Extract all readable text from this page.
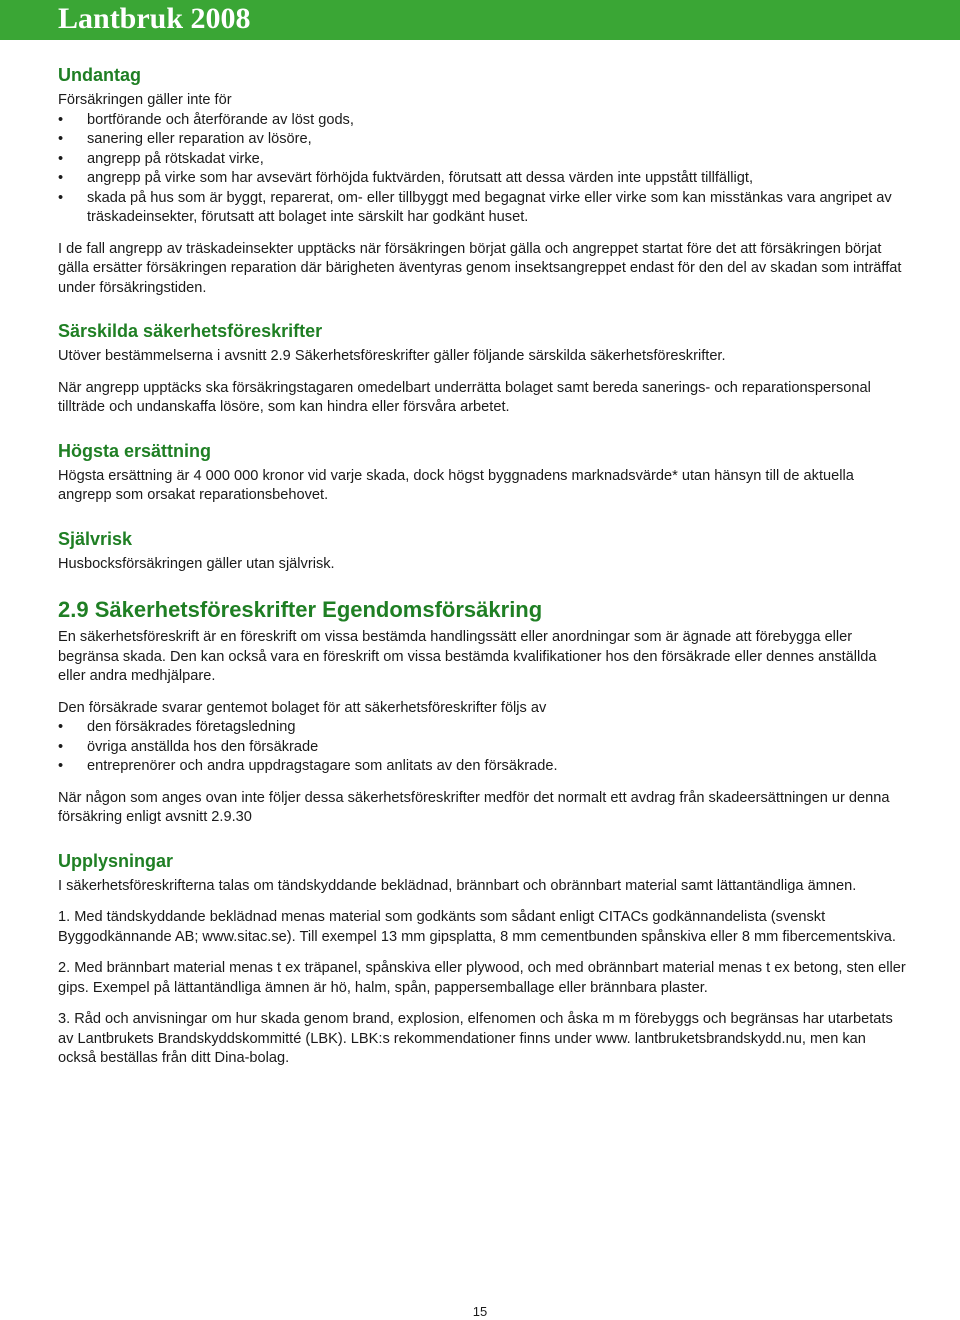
Lantbruk 2008
Undantag

Försäkringen gäller inte för

• bortförande och återförande av löst gods,
• sanering eller reparation av lösöre,
• angrepp på rötskadat virke,
• angrepp på virke som har avsevärt förhöjda fuktvärden, förutsatt att dessa värden inte uppstått tillfälligt,
• skada på hus som är byggt, reparerat, om- eller tillbyggt med begagnat virke eller virke som kan misstänkas vara angripet av träskadeinsekter, förutsatt att bolaget inte särskilt har godkänt huset.

I de fall angrepp av träskadeinsekter upptäcks när försäkringen börjat gälla och angreppet startat före det att försäkringen börjat gälla ersätter försäkringen reparation där bärigheten äventyras genom insektsangreppet endast för den del av skadan som inträffat under försäkringstiden.

Särskilda säkerhetsföreskrifter

Utöver bestämmelserna i avsnitt 2.9 Säkerhetsföreskrifter gäller följande särskilda säkerhetsföreskrifter.

När angrepp upptäcks ska försäkringstagaren omedelbart underrätta bolaget samt bereda sanerings- och reparationspersonal tillträde och undanskaffa lösöre, som kan hindra eller försvåra arbetet.

Högsta ersättning

Högsta ersättning är 4 000 000 kronor vid varje skada, dock högst byggnadens marknadsvärde* utan hänsyn till de aktuella angrepp som orsakat reparationsbehovet.

Självrisk

Husbocksförsäkringen gäller utan självrisk.

2.9 Säkerhetsföreskrifter Egendomsförsäkring

En säkerhetsföreskrift är en föreskrift om vissa bestämda handlingssätt eller anordningar som är ägnade att förebygga eller begränsa skada. Den kan också vara en föreskrift om vissa bestämda kvalifikationer hos den försäkrade eller dennes anställda eller andra medhjälpare.

Den försäkrade svarar gentemot bolaget för att säkerhetsföreskrifter följs av

• den försäkrades företagsledning
• övriga anställda hos den försäkrade
• entreprenörer och andra uppdragstagare som anlitats av den försäkrade.

När någon som anges ovan inte följer dessa säkerhetsföreskrifter medför det normalt ett avdrag från skadeersättningen ur denna försäkring enligt avsnitt 2.9.30

Upplysningar

I säkerhetsföreskrifterna talas om tändskyddande beklädnad, brännbart och obrännbart material samt lättantändliga ämnen.

1. Med tändskyddande beklädnad menas material som godkänts som sådant enligt CITACs godkännandelista (svenskt Byggodkännande AB; www.sitac.se). Till exempel 13 mm gipsplatta, 8 mm cementbunden spånskiva eller 8 mm fibercementskiva.

2. Med brännbart material menas t ex träpanel, spånskiva eller plywood, och med obrännbart material menas t ex betong, sten eller gips. Exempel på lättantändliga ämnen är hö, halm, spån, pappersemballage eller brännbara plaster.

3. Råd och anvisningar om hur skada genom brand, explosion, elfenomen och åska m m förebyggs och begränsas har utarbetats av Lantbrukets Brandskyddskommitté (LBK). LBK:s rekommendationer finns under www. lantbruketsbrandskydd.nu, men kan också beställas från ditt Dina-bolag.

15
